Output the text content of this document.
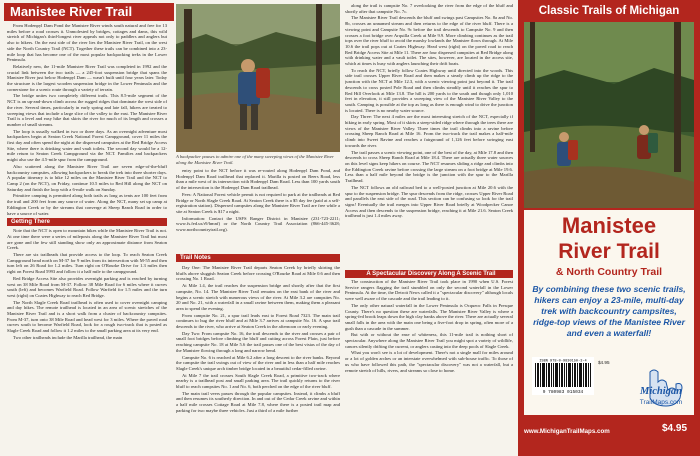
Manistee River Trail

From Hodenpyl Dam Pond the Manistee River winds south natural and free for 13 miles before a road crosses it. Unmolested by bridges, cottages and dams, this wild stretch of Michigan's third-longest river appeals not only to paddlers and anglers but also to hikers. On the east side of the river lies the Manistee River Trail, on the west side the North Country Trail (NCT). Together these trails can be combined into a 23-mile loop that has become one of the most popular backpacking treks in the Lower Peninsula.

Relatively new, the 11-mile Manistee River Trail was completed in 1992 and the crucial link between the two trails — a 245-foot suspension bridge that spans the Manistee River just below Hodenpyl Dam — wasn't built until four years later. Today the structure is the largest wooden suspension bridge in the Lower Peninsula and the cornerstone for a scenic route through a variety of terrain.

The bridge unites two completely different trails. This 8.5-mile segment of the NCT is an up-and-down climb across the rugged ridges that dominate the west side of the river. Several times, particularly in early spring and late fall, hikers are treated to sweeping views that include a large slice of the valley to the east. The Manistee River Trail is a level and easy hike that skirts the river for much of its length and crosses a number of small streams.

The loop is usually walked in two or three days. As an overnight adventure most backpackers begin at Seaton Creek National Forest Campground, cover 11 miles the first day and often spend the night at the dispersed campsites at the Red Bridge Access Site, where there is drinking water and vault toilets. The second day would be a 12-mile return to Seaton Creek Campground via the NCT. Families and backpackers might also use the 4.5-mile spur from the campground.

Also scattered along the Manistee River Trail are seven edge-of-the-bluff backcountry campsites, allowing backpackers to break the trek into three shorter days. A popular itinerary is to hike 12 miles on the Manistee River Trail and the NCT to Camp 2 (on the NCT), on Friday, continue 10.5 miles to Red Hill along the NCT on Saturday and finish the loop with a 6-mile walk on Sunday.

Primitive camping is permitted along both trails as long as tents are 100 feet from the trail and 200 feet from any source of water. Along the NCT, many set up camp at Eddington Creek or by the streams that converge at Sheep Ranch Road in order to have a source of water.

Getting There

Note that the NCT is open to mountain bikes while the Manistee River Trail is not. At one time there were a series of mileposts along the Manistee River Trail but most are gone and the few still standing show only an approximate distance from Seaton Creek.

There are six trailheads that provide access to the loop. To reach Seaton Creek Campground head north on M-37 for 9 miles from its intersection with M-55 and then turn left on 26 Road for 1.2 miles. Turn right on O'Rourke Drive for 1.3 miles then right on Forest Road 5993 and follow it a half mile to the campground.

Red Bridge Access Site also provides overnight parking and is reached by turning west on 38 Mile Road from M-37. Follow 38 Mile Road for 6 miles where it curves south (left) and becomes Warfield Road. Follow Warfield for 1.5 miles and the turn west (right) on Coates Highway to reach Red Bridge.

The North Slagle Creek Road trailhead is often used to cover overnight camping and day hikes. The remote trailhead is located in an area of scenic stretches of the Manistee River Trail and is a short walk from a cluster of backcountry campsites. From M-37, turn onto 38 Mile Road and head west for 3 miles. Where the paved road curves south to become Warfield Road, look for a rough two-track that is posted as Slagle Creek Road and follow it 1.2 miles to the small parking area at its very end.

Two other trailheads include the Marilla trailhead, the main

A backpacker pauses to admire one of the many sweeping views of the Manistee River along the Manistee River Trail.

entry point to the NCT before it was re-routed along Hodenpyl Dam Pond, and Hodenpyl Dam Road trailhead that replaced it. Marilla is posted on Beers Road, less than a mile west of its intersection with Hodenpyl Dam Road. Less than 100 yards south of the intersection is the Hodenpyl Dam Road trailhead.

Fees: A National Forest vehicle permit is not required to park at the trailheads at Red Bridge or North Slagle Creek Road. At Seaton Creek there is a $5 day fee (paid at a self-registration station). Dispersed campsites along the Manistee River Trail are free while a site at Seaton Creek is $17 a night.

Information: Contact the USFS Ranger District in Manistee (231-723-2211; www.fs.fed.us/r9/hmnf) or the North Country Trail Association (866-445-3628; www.northcountrytrail.org).

Trail Notes

Day One: The Manistee River Trail departs Seaton Creek by briefly skirting the bluffs above sluggish Seaton Creek before crossing O'Rourke Road at Mile 0.6 and then crossing No. 1 Road.

At Mile 1.4, the trail reaches the suspension bridge and shortly after that the first campsite, No. 14. The Manistee River Trail remains on the east bank of the river and begins a scenic stretch with numerous views of the river. At Mile 3.2 are campsites No. 20 and No. 21, with a waterfall in a small ravine between them, making them a pleasant area to spend the evening.

From campsite No. 21, a spur trail leads east to Forest Road 7323. The main trail continues to hug the river bluff and at Mile 3.7 arrives at campsite No. 16. A spur trail descends to the river, who arrive at Seaton Creek in the afternoon or early evening.

Day Two: From campsite No. 16, the trail descends to the river and crosses a pair of small foot bridges before climbing the bluff and cutting across Forest Plain, just before reaching campsite No. 18 at Mile 5.6 the trail passes one of the best vistas of the day of the Manistee flowing through a long and narrow bend.

Campsite No. 6 is reached at Mile 6.2 after a long descent to the river banks. Beyond the campsite the trail swings out of view of the river and in less than a half mile reaches Slagle Creek's unique arch timber bridge located in a beautiful cedar-filled ravine.

At Mile 7 the trail crosses South Slagle Creek Road, a primitive two-track where nearby is a trailhead post and small parking area. The trail quickly returns to the river bluff to reach campsites No. 1 and No. 6, both perched on the edge of the river bluff.

The main trail veers passes through the popular campsites. Instead, it climbs a bluff and then resumes its southerly direction. In and out of the Cedar Creek ravine and within a half mile crosses Cottage Road at Mile 7.8, where there is a posted trail map and parking for two maybe three vehicles. Just a third of a mile further

along the trail is campsite No. 7 overlooking the river from the edge of the bluff and shortly after that campsite No. 7c.

The Manistee River Trail descends the bluff and swings past Campsites No. 8a and No. 8b, crosses an unnamed stream and then returns to the edge of the river bluff. There is a viewing point and Campsite No. 9c before the trail descends to Campsite No. 9 and then crosses a foot bridge over Arquilla Creek at Mile 9.9. More climbing continues as the trail tops over the river bluff to avoid the marshy lowlands the Manistee flows through. At Mile 10.6 the trail pops out at Coates Highway. Head west (right) on the paved road to reach Red Bridge Access Site at Mile 11. There are four dispersed campsites at Red Bridge along with drinking water and a vault toilet. The sites, however, are located in the access site, which at times is busy with anglers launching their drift boats.

To reach the NCT, briefly follow Coates Highway until directed into the woods. This side trail crosses Upper River Road and then makes a steady climb up the ridge to the junction with the NCT at Mile 12.3, with a scenic viewing point just beyond it. The trail descends to cross posted Pole Road and then climbs steadily until it reaches the spur to Red Hill Overlook at Mile 13.8. The hill is 200 yards to the south and though only 1,010 feet in elevation, it still provides a sweeping view of the Manistee River Valley to the south. Camping is possible at the top as long as there is enough wind to drive the junction is located. There is no nearby water source.

Day Three: The next 4 miles are the most interesting stretch of the NCT, especially if hiking in early spring. Most of it skirts a steep-sided ridge where through the trees there are views of the Manistee River Valley. Three times the trail climbs into a ravine before crossing Sheep Ranch Road at Mile 16. From the two-track the trail makes a half-mile climb into Sweet Ravine and reaches a fairground of 1,126 feet before swinging east towards the river.

The trail passes a scenic viewing point, one of the best of the day, at Mile 17.8 and then descends to cross Sheep Ranch Road at Mile 18.4. There are actually three water sources on this level signs keep hikers on course. The NCT resumes sliding a ridge and climbs into the Eddington Creek ravine before crossing the large stream on a foot bridge at Mile 19.6. Less than a half mile beyond the bridge is the junction with the spur to the Marilla Trailhead.

The NCT follows an old railroad bed to a well-posted junction at Mile 20.6 with the spur to the suspension bridge. The spur descends from the ridge, crosses Upper River Road and parallels the east side of the road. This section can be confusing so look for the trail signs! Eventually the trail merges into Upper River Road briefly at Woodpecker Canoe Access and then descends to the suspension bridge, reaching it at Mile 21.6. Seaton Creek trailhead is just 1.4 miles away.

A Spectacular Discovery Along A Scenic Trail

The construction of the Manistee River Trail took place in 1990 when U.S. Forest Service rangers flagging the trail stumbled on only the second waterfall in the Lower Peninsula. At the time, the Detroit News called it a "spectacular discovery" although locals were well aware of the cascade and the trail leading to it.

The only other natural waterfall in the Lower Peninsula is Ocqueoc Falls in Presque County. There's no question these are waterfalls. The Manistee River Valley is where a spring-fed brook leaps down the high clay banks above the river. There are actually several small falls in the area with the main one being a five-foot drop in spring, often more of a gush than a cascade in the summer.

But with or without the ease of whiteness, this 11-mile trail is nothing short of spectacular. Anywhere along the Manistee River Trail you might spot a variety of wildlife, canoes silently drifting the current, or anglers casting into the deep pools of Slagle Creek.

What you won't see is a lot of development. There's not a single mall for miles around or a lot of golden arches or an interstate overwhelmed with sub-house traffic. To those of us who have followed this path, the "spectacular discovery" was not a waterfall, but a remote stretch of hills, rivers, and streams so close to home.

Classic Trails of Michigan
Manistee
River Trail
& North Country Trail
By combining these two scenic trails, hikers can enjoy a 23-mile, multi-day trek with backcountry campsites, ridge-top views of the Manistee River and even a waterfall!
9 780983 015034
ISBN 978-0-9830150-3-4 $4.95
Michigan
TrailMaps.com
www.MichiganTrailMaps.com	$4.95
